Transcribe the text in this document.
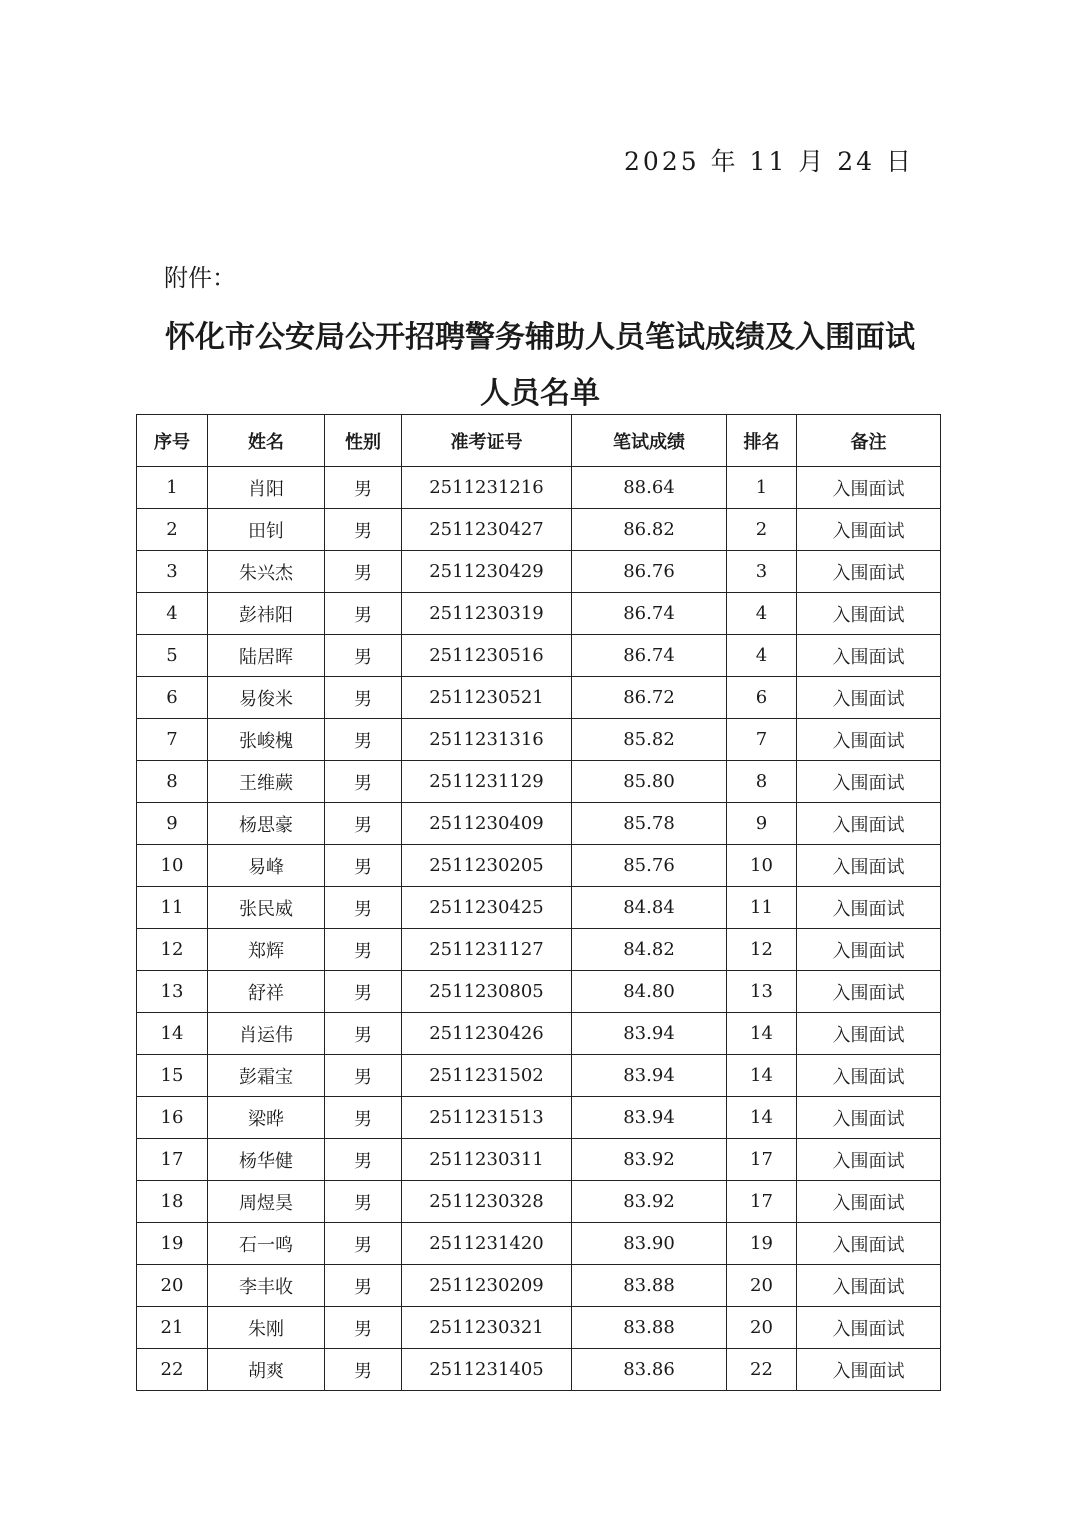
2025 年 11 月 24 日
附件：
怀化市公安局公开招聘警务辅助人员笔试成绩及入围面试
人员名单
序号	姓名	性别	准考证号	笔试成绩	排名	备注
1	肖阳	男	2511231216	88.64	1	入围面试
2	田钊	男	2511230427	86.82	2	入围面试
3	朱兴杰	男	2511230429	86.76	3	入围面试
4	彭祎阳	男	2511230319	86.74	4	入围面试
5	陆居晖	男	2511230516	86.74	4	入围面试
6	易俊米	男	2511230521	86.72	6	入围面试
7	张峻槐	男	2511231316	85.82	7	入围面试
8	王维蕨	男	2511231129	85.80	8	入围面试
9	杨思豪	男	2511230409	85.78	9	入围面试
10	易峰	男	2511230205	85.76	10	入围面试
11	张民威	男	2511230425	84.84	11	入围面试
12	郑辉	男	2511231127	84.82	12	入围面试
13	舒祥	男	2511230805	84.80	13	入围面试
14	肖运伟	男	2511230426	83.94	14	入围面试
15	彭霜宝	男	2511231502	83.94	14	入围面试
16	梁晔	男	2511231513	83.94	14	入围面试
17	杨华健	男	2511230311	83.92	17	入围面试
18	周煜昊	男	2511230328	83.92	17	入围面试
19	石一鸣	男	2511231420	83.90	19	入围面试
20	李丰收	男	2511230209	83.88	20	入围面试
21	朱刚	男	2511230321	83.88	20	入围面试
22	胡爽	男	2511231405	83.86	22	入围面试
